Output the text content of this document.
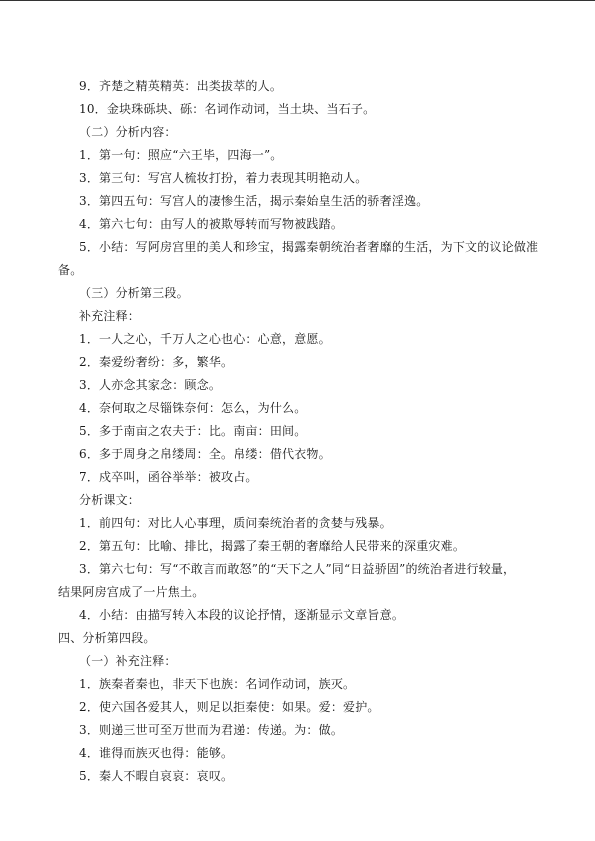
9．齐楚之精英精英：出类拔萃的人。
10．金块珠砾块、砾：名词作动词，当土块、当石子。
（二）分析内容：
1．第一句：照应“六王毕，四海一”。
3．第三句：写宫人梳妆打扮，着力表现其明艳动人。
3．第四五句：写宫人的凄惨生活，揭示秦始皇生活的骄奢淫逸。
4．第六七句：由写人的被欺辱转而写物被践踏。
5．小结：写阿房宫里的美人和珍宝，揭露秦朝统治者奢靡的生活，为下文的议论做准
备。
（三）分析第三段。
补充注释：
1．一人之心，千万人之心也心：心意，意愿。
2．秦爱纷奢纷：多，繁华。
3．人亦念其家念：顾念。
4．奈何取之尽锱铢奈何：怎么，为什么。
5．多于南亩之农夫于：比。南亩：田间。
6．多于周身之帛缕周：全。帛缕：借代衣物。
7．戍卒叫，函谷举举：被攻占。
分析课文：
1．前四句：对比人心事理，质问秦统治者的贪婪与残暴。
2．第五句：比喻、排比，揭露了秦王朝的奢靡给人民带来的深重灾难。
3．第六七句：写“不敢言而敢怒”的“天下之人”同“日益骄固”的统治者进行较量，
结果阿房宫成了一片焦土。
4．小结：由描写转入本段的议论抒情，逐渐显示文章旨意。
四、分析第四段。
（一）补充注释：
1．族秦者秦也，非天下也族：名词作动词，族灭。
2．使六国各爱其人，则足以拒秦使：如果。爱：爱护。
3．则递三世可至万世而为君递：传递。为：做。
4．谁得而族灭也得：能够。
5．秦人不暇自哀哀：哀叹。
